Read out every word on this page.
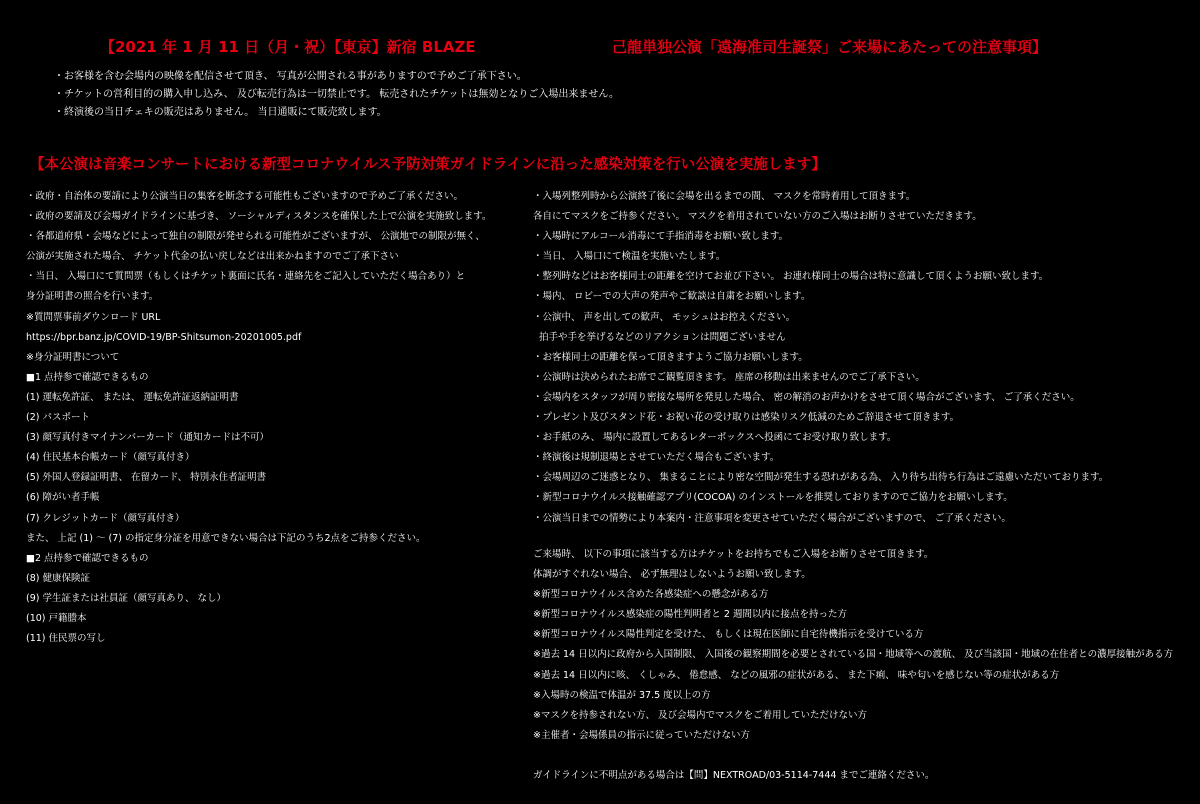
【2021 年 1 月 11 日（月・祝）【東京】新宿 BLAZE	己龍単独公演「遠海准司生誕祭」ご来場にあたっての注意事項】
・お客様を含む会場内の映像を配信させて頂き、 写真が公開される事がありますので予めご了承下さい。
・チケットの営利目的の購入申し込み、 及び転売行為は一切禁止です。 転売されたチケットは無効となりご入場出来ません。
・終演後の当日チェキの販売はありません。 当日通販にて販売致します。
【本公演は音楽コンサートにおける新型コロナウイルス予防対策ガイドラインに沿った感染対策を行い公演を実施します】
・政府・自治体の要請により公演当日の集客を断念する可能性もございますので予めご了承ください。
・政府の要請及び会場ガイドラインに基づき、 ソーシャルディスタンスを確保した上で公演を実施致します。
・各都道府県・会場などによって独自の制限が発せられる可能性がございますが、 公演地での制限が無く、
公演が実施された場合、 チケット代金の払い戻しなどは出来かねますのでご了承下さい
・当日、 入場口にて質問票（もしくはチケット裏面に氏名・連絡先をご記入していただく場合あり）と
身分証明書の照合を行います。
※質問票事前ダウンロード URL
https://bpr.banz.jp/COVID-19/BP-Shitsumon-20201005.pdf
※身分証明書について
■1 点持参で確認できるもの
(1) 運転免許証、 または、 運転免許証返納証明書
(2) パスポート
(3) 顔写真付きマイナンバーカード（通知カードは不可）
(4) 住民基本台帳カード（顔写真付き）
(5) 外国人登録証明書、 在留カード、 特別永住者証明書
(6) 障がい者手帳
(7) クレジットカード（顔写真付き）
また、 上記 (1) ～ (7) の指定身分証を用意できない場合は下記のうち2点をご持参ください。
■2 点持参で確認できるもの
(8) 健康保険証
(9) 学生証または社員証（顔写真あり、 なし）
(10) 戸籍謄本
(11) 住民票の写し
・入場列整列時から公演終了後に会場を出るまでの間、 マスクを常時着用して頂きます。
各自にてマスクをご持参ください。 マスクを着用されていない方のご入場はお断りさせていただきます。
・入場時にアルコール消毒にて手指消毒をお願い致します。
・当日、 入場口にて検温を実施いたします。
・整列時などはお客様同士の距離を空けてお並び下さい。 お連れ様同士の場合は特に意識して頂くようお願い致します。
・場内、 ロビーでの大声の発声やご歓談は自粛をお願いします。
・公演中、 声を出しての歓声、 モッシュはお控えください。
拍手や手を挙げるなどのリアクションは問題ございません
・お客様同士の距離を保って頂きますようご協力お願いします。
・公演時は決められたお席でご観覧頂きます。 座席の移動は出来ませんのでご了承下さい。
・会場内をスタッフが周り密接な場所を発見した場合、 密の解消のお声かけをさせて頂く場合がございます、 ご了承ください。
・プレゼント及びスタンド花・お祝い花の受け取りは感染リスク低減のためご辞退させて頂きます。
・お手紙のみ、 場内に設置してあるレターボックスへ投函にてお受け取り致します。
・終演後は規制退場とさせていただく場合もございます。
・会場周辺のご迷惑となり、 集まることにより密な空間が発生する恐れがある為、 入り待ち出待ち行為はご遠慮いただいております。
・新型コロナウイルス接触確認アプリ(COCOA) のインストールを推奨しておりますのでご協力をお願いします。
・公演当日までの情勢により本案内・注意事項を変更させていただく場合がございますので、 ご了承ください。
ご来場時、 以下の事項に該当する方はチケットをお持ちでもご入場をお断りさせて頂きます。
体調がすぐれない場合、 必ず無理はしないようお願い致します。
※新型コロナウイルス含めた各感染症への懸念がある方
※新型コロナウイルス感染症の陽性判明者と 2 週間以内に接点を持った方
※新型コロナウイルス陽性判定を受けた、 もしくは現在医師に自宅待機指示を受けている方
※過去 14 日以内に政府から入国制限、 入国後の観察期間を必要とされている国・地域等への渡航、 及び当該国・地域の在住者との濃厚接触がある方
※過去 14 日以内に咳、 くしゃみ、 倦怠感、 などの風邪の症状がある、 また下痢、 味や匂いを感じない等の症状がある方
※入場時の検温で体温が 37.5 度以上の方
※マスクを持参されない方、 及び会場内でマスクをご着用していただけない方
※主催者・会場係員の指示に従っていただけない方
ガイドラインに不明点がある場合は【問】NEXTROAD/03-5114-7444 までご連絡ください。
